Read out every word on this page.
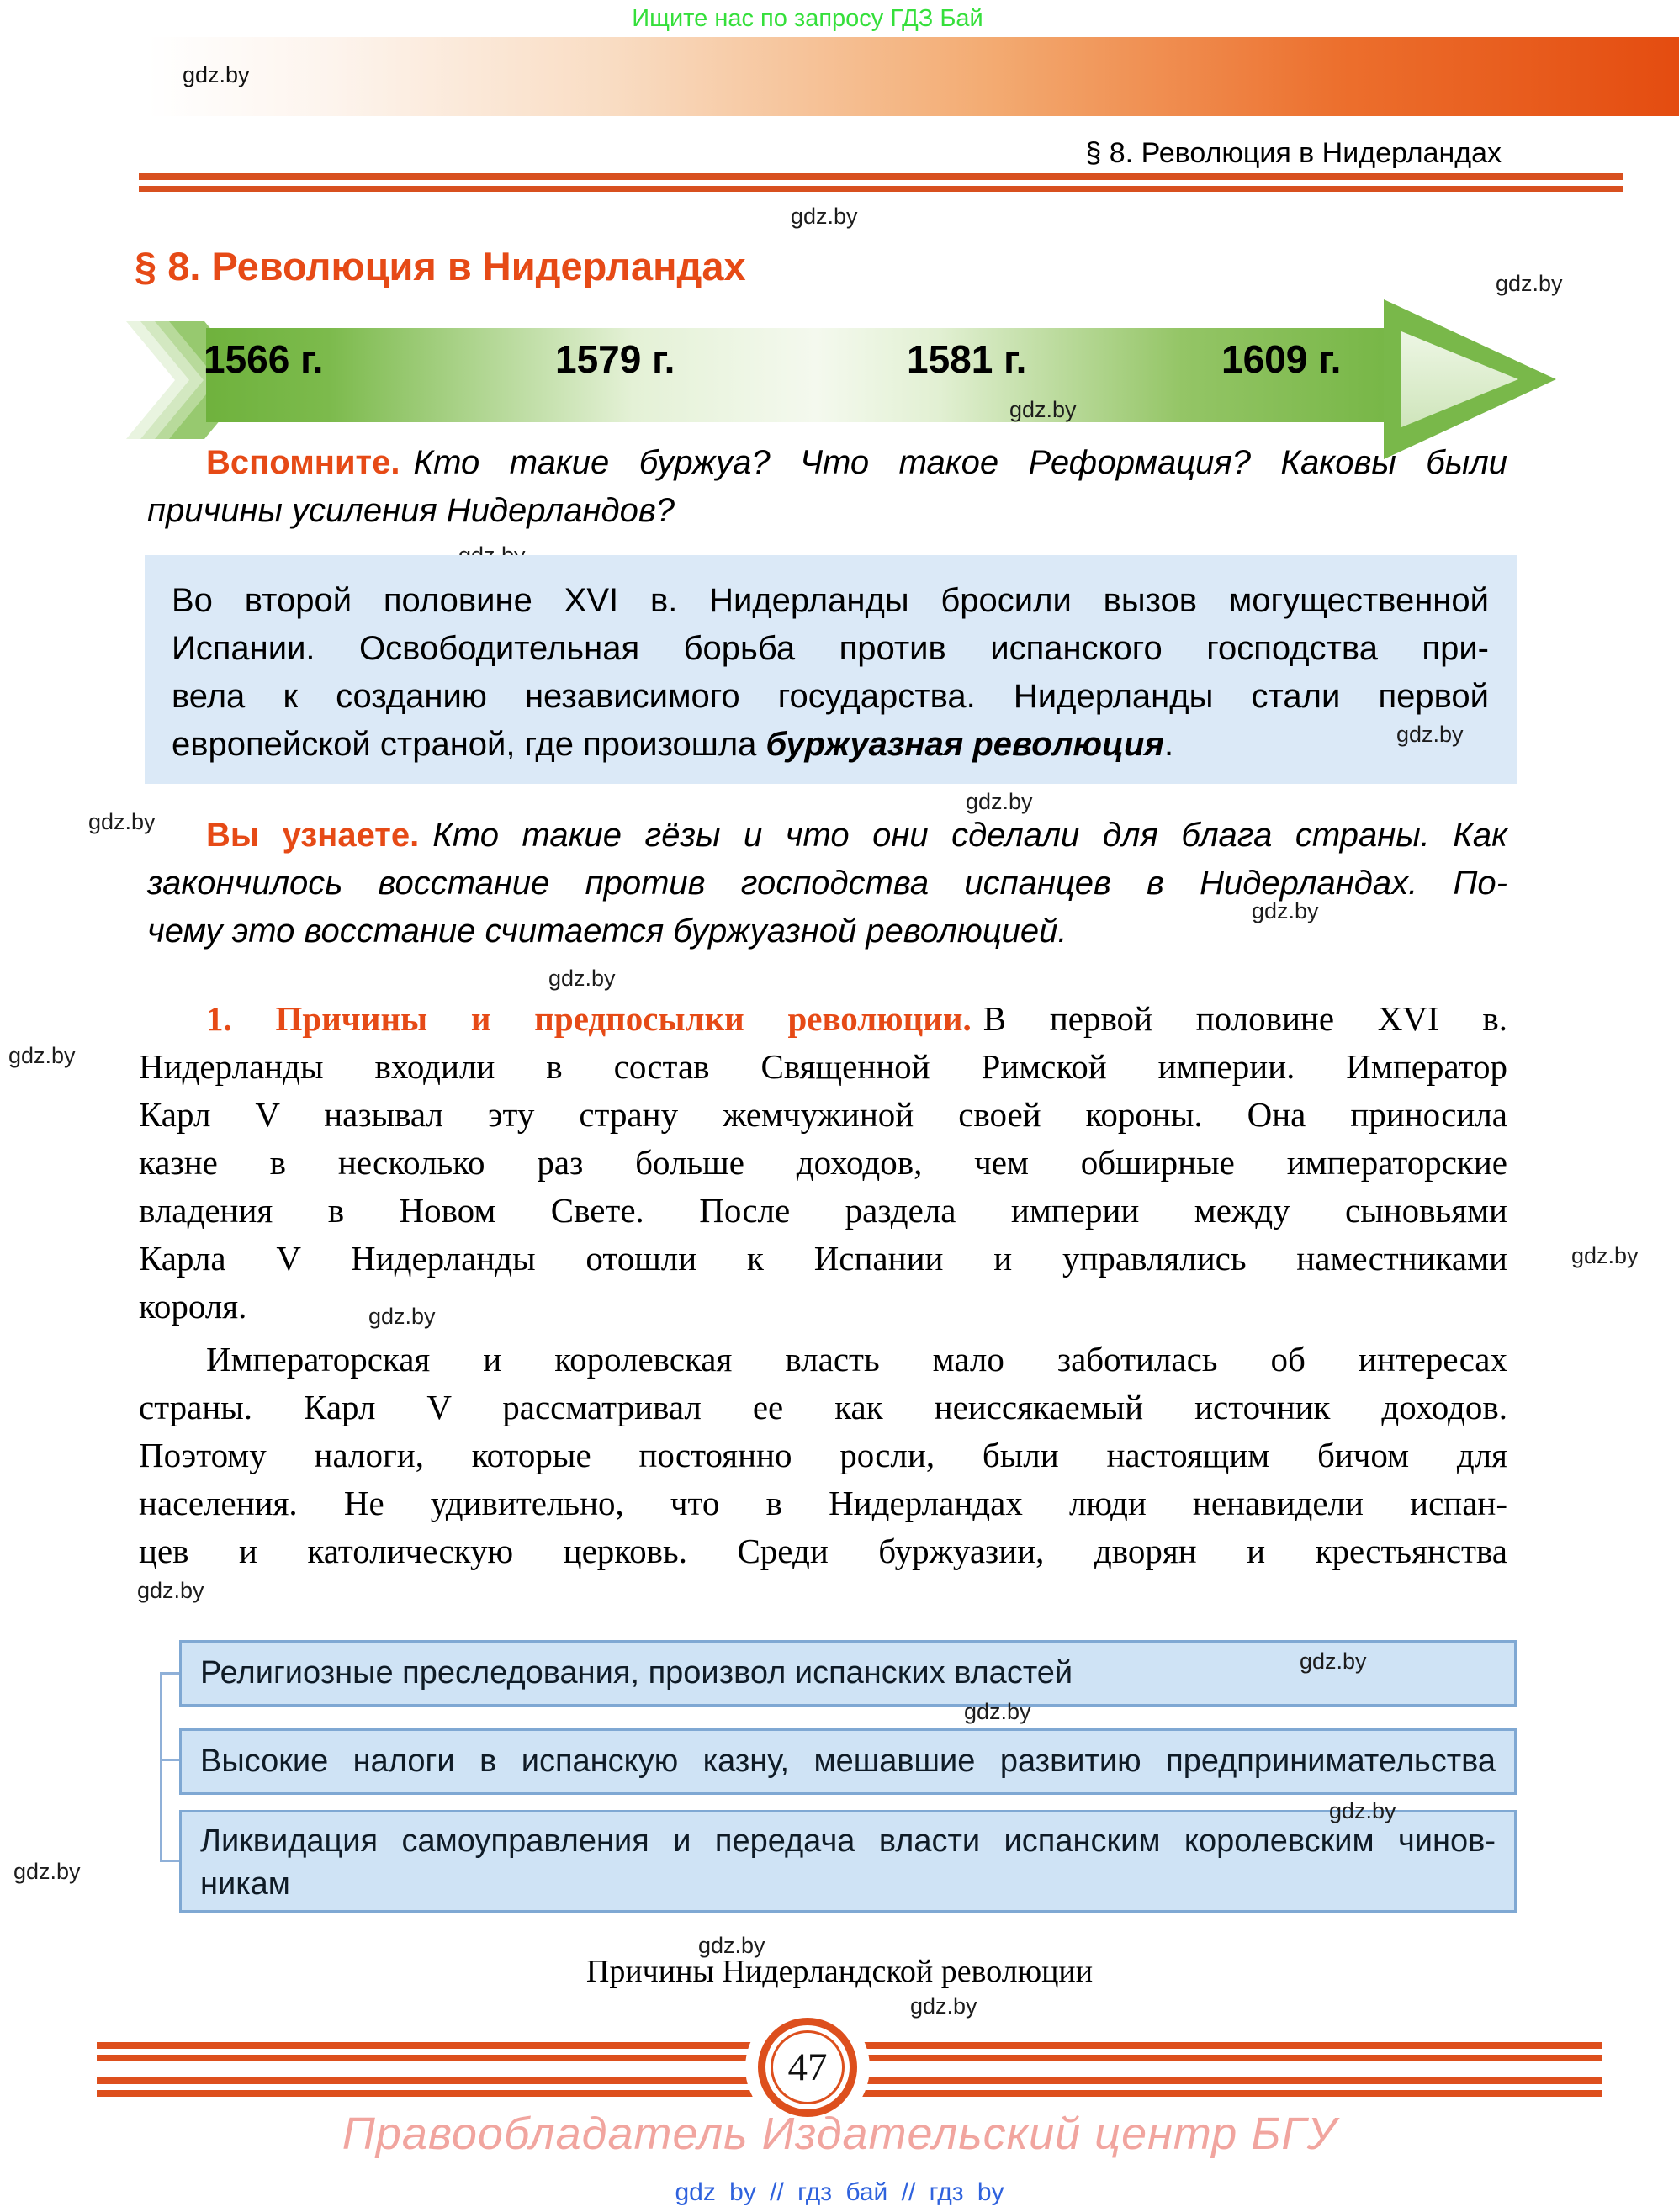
Ищите нас по запросу ГДЗ Бай
gdz.by
§ 8. Революция в Нидерландах
gdz.by
§ 8. Революция в Нидерландах	gdz.by
1566 г.	1579 г.	1581 г.	1609 г.
gdz.by
Вспомните. Кто такие буржуа? Что такое Реформация? Каковы были
причины усиления Нидерландов?
Во второй половине XVI в. Нидерланды бросили вызов могущественной
Испании. Освободительная борьба против испанского господства при-
вела к созданию независимого государства. Нидерланды стали первой
европейской страной, где произошла буржуазная революция.	gdz.by
gdz.by
gdz.by	Вы узнаете. Кто такие гёзы и что они сделали для блага страны. Как
закончилось восстание против господства испанцев в Нидерландах. По-
чему это восстание считается буржуазной революцией.
gdz.by
gdz.by
1. Причины и предпосылки революции. В первой половине XVI в.
Нидерланды входили в состав Священной Римской империи. Император
Карл V называл эту страну жемчужиной своей короны. Она приносила
казне в несколько раз больше доходов, чем обширные императорские
владения в Новом Свете. После раздела империи между сыновьями
Карла V Нидерланды отошли к Испании и управлялись наместниками
короля.
gdz.by
gdz.by
gdz.by
Императорская и королевская власть мало заботилась об интересах
страны. Карл V рассматривал ее как неиссякаемый источник доходов.
Поэтому налоги, которые постоянно росли, были настоящим бичом для
населения. Не удивительно, что в Нидерландах люди ненавидели испан-
цев и католическую церковь. Среди буржуазии, дворян и крестьянства
gdz.by
Религиозные преследования, произвол испанских властей
Высокие налоги в испанскую казну, мешавшие развитию предпринимательства
Ликвидация самоуправления и передача власти испанским королевским чинов-
никам
gdz.by
gdz.by
gdz.by
gdz.by
gdz.by
Причины Нидерландской революции
gdz.by
47
Правообладатель Издательский центр БГУ
gdz by // гдз бай // гдз by
